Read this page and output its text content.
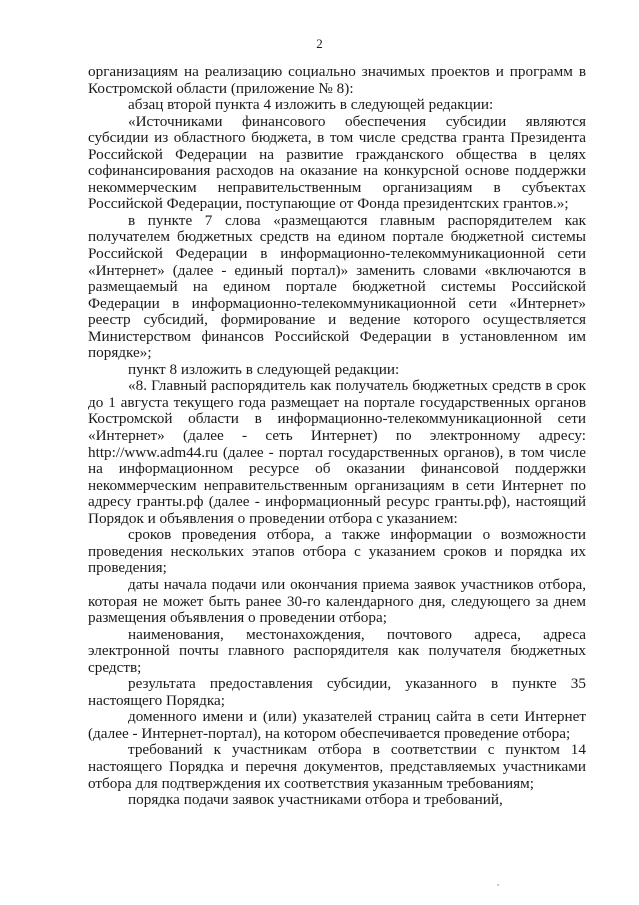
2

организациям на реализацию социально значимых проектов и программ в Костромской области (приложение № 8):

абзац второй пункта 4 изложить в следующей редакции:

«Источниками финансового обеспечения субсидии являются субсидии из областного бюджета, в том числе средства гранта Президента Российской Федерации на развитие гражданского общества в целях софинансирования расходов на оказание на конкурсной основе поддержки некоммерческим неправительственным организациям в субъектах Российской Федерации, поступающие от Фонда президентских грантов.»;

в пункте 7 слова «размещаются главным распорядителем как получателем бюджетных средств на едином портале бюджетной системы Российской Федерации в информационно-телекоммуникационной сети «Интернет» (далее - единый портал)» заменить словами «включаются в размещаемый на едином портале бюджетной системы Российской Федерации в информационно-телекоммуникационной сети «Интернет» реестр субсидий, формирование и ведение которого осуществляется Министерством финансов Российской Федерации в установленном им порядке»;

пункт 8 изложить в следующей редакции:

«8. Главный распорядитель как получатель бюджетных средств в срок до 1 августа текущего года размещает на портале государственных органов Костромской области в информационно-телекоммуникационной сети «Интернет» (далее - сеть Интернет) по электронному адресу: http://www.adm44.ru (далее - портал государственных органов), в том числе на информационном ресурсе об оказании финансовой поддержки некоммерческим неправительственным организациям в сети Интернет по адресу гранты.рф (далее - информационный ресурс гранты.рф), настоящий Порядок и объявления о проведении отбора с указанием:

сроков проведения отбора, а также информации о возможности проведения нескольких этапов отбора с указанием сроков и порядка их проведения;

даты начала подачи или окончания приема заявок участников отбора, которая не может быть ранее 30-го календарного дня, следующего за днем размещения объявления о проведении отбора;

наименования, местонахождения, почтового адреса, адреса электронной почты главного распорядителя как получателя бюджетных средств;

результата предоставления субсидии, указанного в пункте 35 настоящего Порядка;

доменного имени и (или) указателей страниц сайта в сети Интернет (далее - Интернет-портал), на котором обеспечивается проведение отбора;

требований к участникам отбора в соответствии с пунктом 14 настоящего Порядка и перечня документов, представляемых участниками отбора для подтверждения их соответствия указанным требованиям;

порядка подачи заявок участниками отбора и требований,
